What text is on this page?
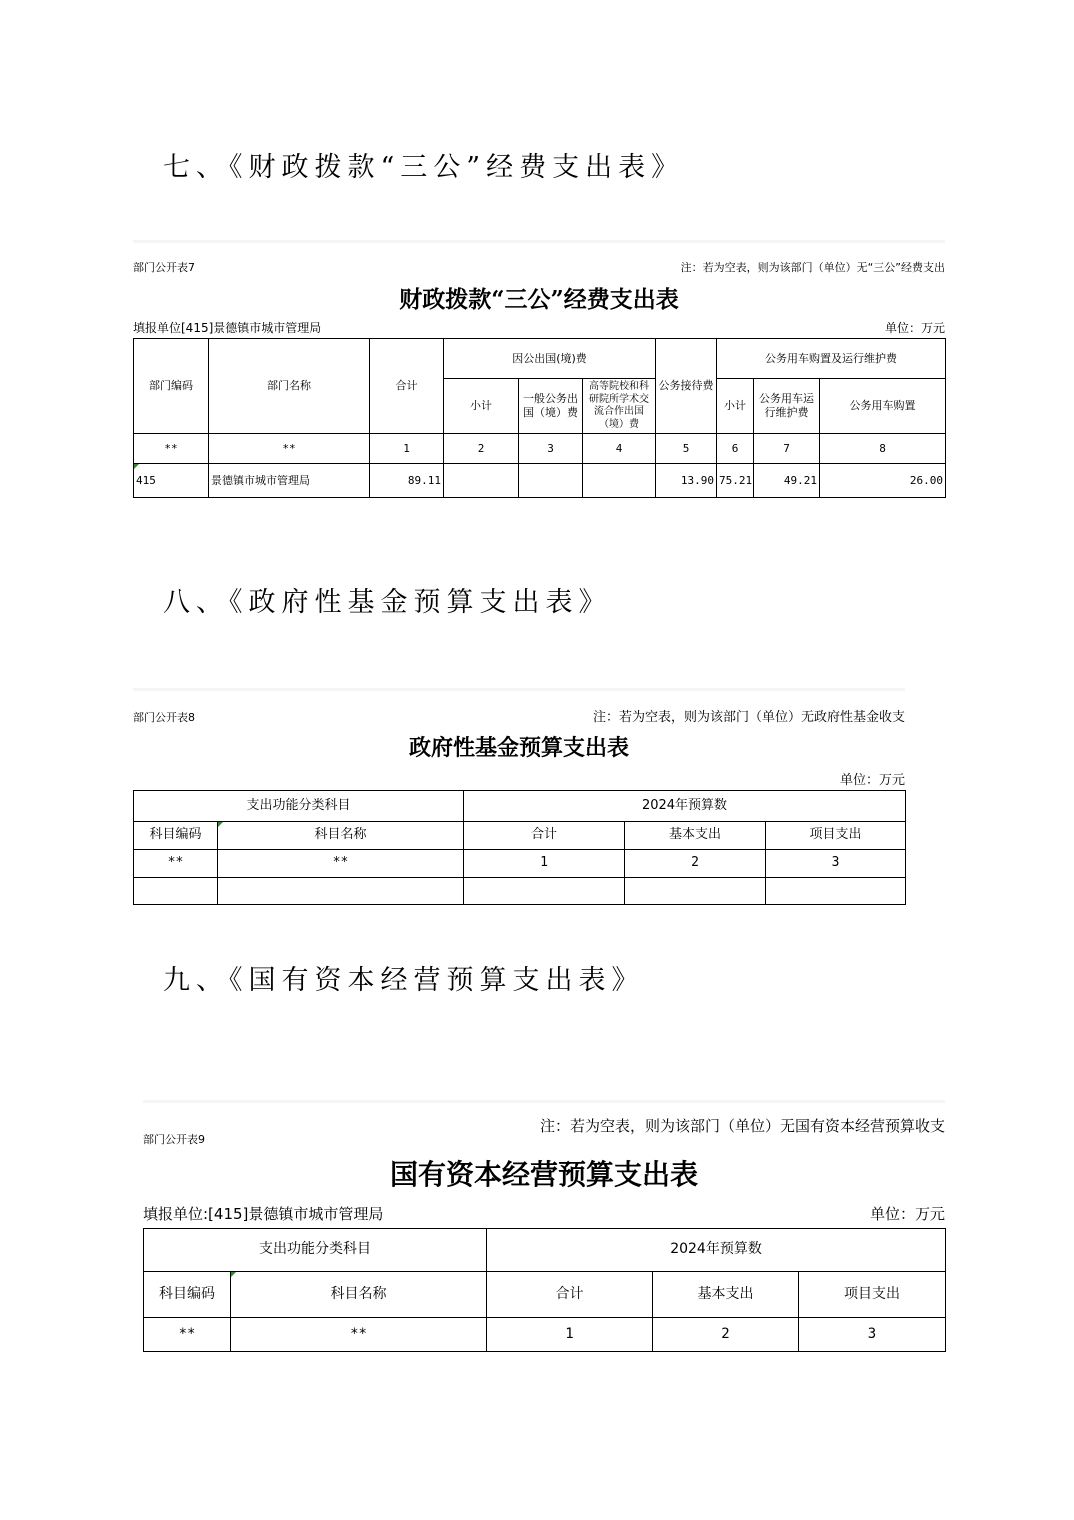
七、《财政拨款“三公”经费支出表》
部门公开表7	注：若为空表，则为该部门（单位）无“三公”经费支出
财政拨款“三公”经费支出表
填报单位[415]景德镇市城市管理局	单位：万元
部门编码	部门名称	合计	因公出国(境)费			公务接待费	公务用车购置及运行维护费		
			小计	一般公务出国（境）费	高等院校和科研院所学术交流合作出国（境）费		小计	公务用车运行维护费	公务用车购置
**	**	1	2	3	4	5	6	7	8
415	景德镇市城市管理局	89.11				13.90	75.21	49.21	26.00
八、《政府性基金预算支出表》
部门公开表8	注：若为空表，则为该部门（单位）无政府性基金收支
政府性基金预算支出表
单位：万元
支出功能分类科目		2024年预算数		
科目编码	科目名称	合计	基本支出	项目支出
**	**	1	2	3

九、《国有资本经营预算支出表》
部门公开表9
注：若为空表，则为该部门（单位）无国有资本经营预算收支
国有资本经营预算支出表
填报单位:[415]景德镇市城市管理局	单位：万元
支出功能分类科目		2024年预算数		
科目编码	科目名称	合计	基本支出	项目支出
**	**	1	2	3
